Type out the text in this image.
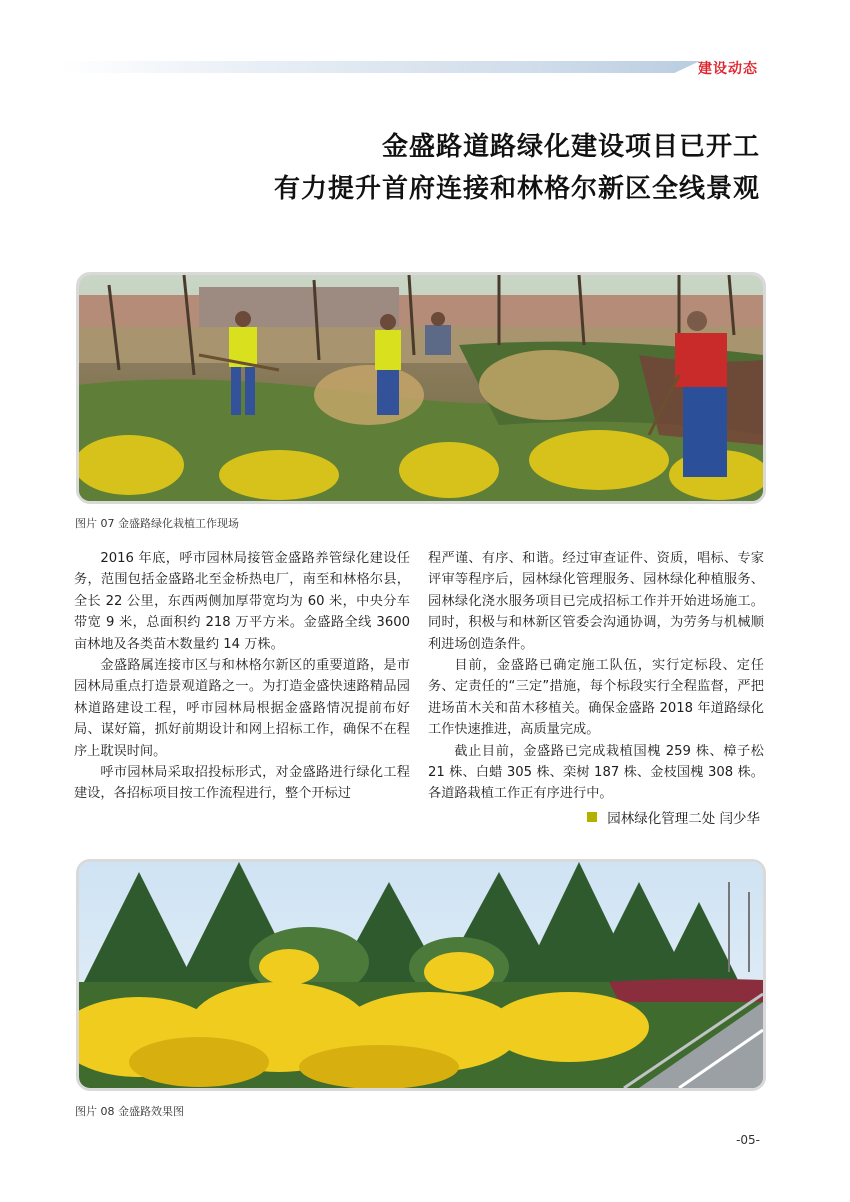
建设动态
金盛路道路绿化建设项目已开工
有力提升首府连接和林格尔新区全线景观
图片 07 金盛路绿化栽植工作现场

2016 年底，呼市园林局接管金盛路养管绿化建设任务，范围包括金盛路北至金桥热电厂，南至和林格尔县，全长 22 公里，东西两侧加厚带宽均为 60 米，中央分车带宽 9 米，总面积约 218 万平方米。金盛路全线 3600 亩林地及各类苗木数量约 14 万株。

金盛路属连接市区与和林格尔新区的重要道路，是市园林局重点打造景观道路之一。为打造金盛快速路精品园林道路建设工程，呼市园林局根据金盛路情况提前布好局、谋好篇，抓好前期设计和网上招标工作，确保不在程序上耽误时间。

呼市园林局采取招投标形式，对金盛路进行绿化工程建设，各招标项目按工作流程进行，整个开标过

程严谨、有序、和谐。经过审查证件、资质，唱标、专家评审等程序后，园林绿化管理服务、园林绿化种植服务、园林绿化浇水服务项目已完成招标工作并开始进场施工。同时，积极与和林新区管委会沟通协调，为劳务与机械顺利进场创造条件。

目前，金盛路已确定施工队伍，实行定标段、定任务、定责任的“三定”措施，每个标段实行全程监督，严把进场苗木关和苗木移植关。确保金盛路 2018 年道路绿化工作快速推进，高质量完成。

截止目前，金盛路已完成栽植国槐 259 株、樟子松 21 株、白蜡 305 株、栾树 187 株、金枝国槐 308 株。各道路栽植工作正有序进行中。

园林绿化管理二处 闫少华
图片 08 金盛路效果图
-05-
